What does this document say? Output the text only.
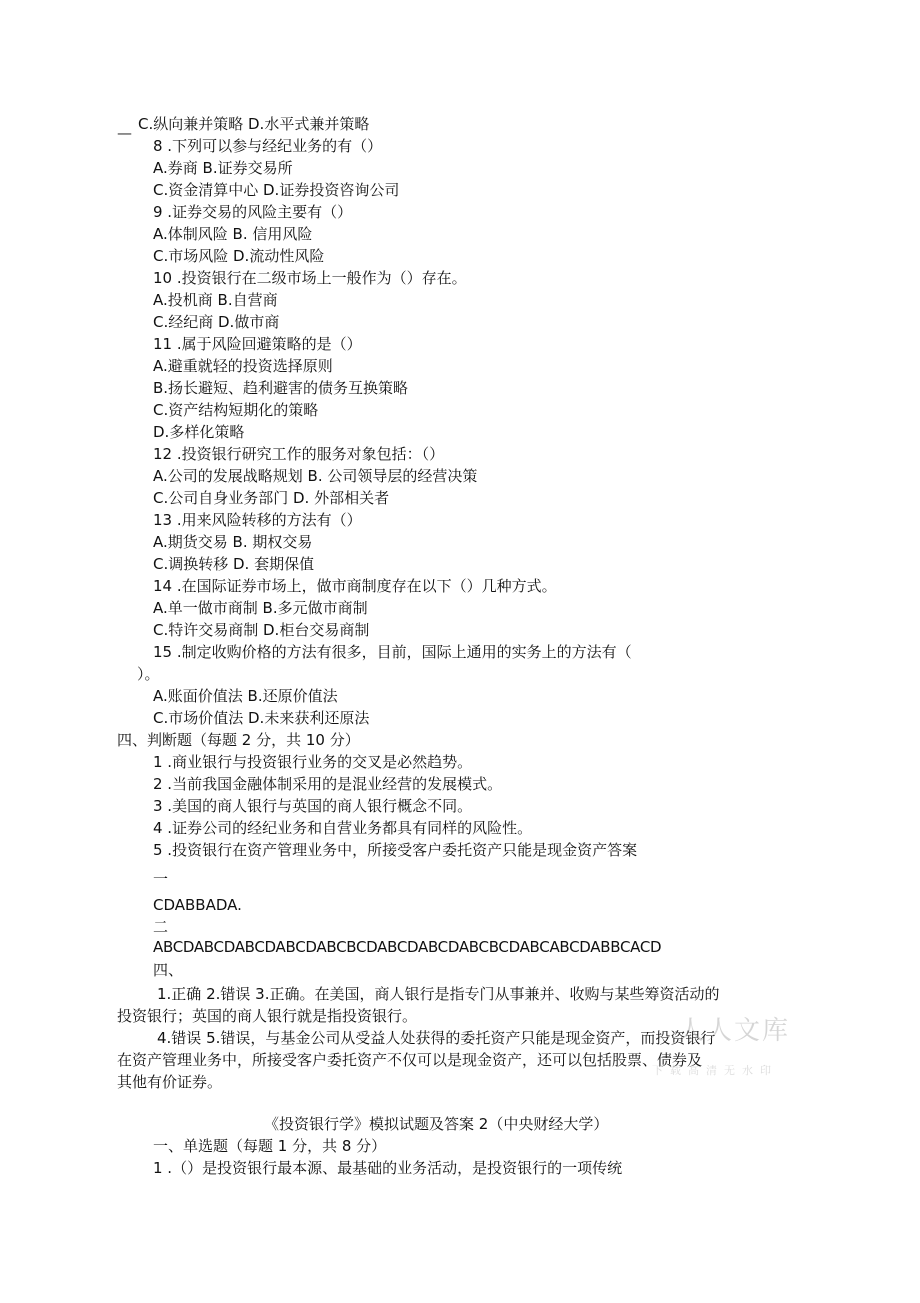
— C.纵向兼并策略 D.水平式兼并策略

8 .下列可以参与经纪业务的有（）

A.券商 B.证券交易所

C.资金清算中心 D.证券投资咨询公司

9 .证券交易的风险主要有（）

A.体制风险 B. 信用风险

C.市场风险 D.流动性风险

10 .投资银行在二级市场上一般作为（）存在。

A.投机商 B.自营商

C.经纪商 D.做市商

11 .属于风险回避策略的是（）

A.避重就轻的投资选择原则

B.扬长避短、趋利避害的债务互换策略

C.资产结构短期化的策略

D.多样化策略

12 .投资银行研究工作的服务对象包括：（）

A.公司的发展战略规划 B. 公司领导层的经营决策

C.公司自身业务部门 D. 外部相关者

13 .用来风险转移的方法有（）

A.期货交易 B. 期权交易

C.调换转移 D. 套期保值

14 .在国际证券市场上，做市商制度存在以下（）几种方式。

A.单一做市商制 B.多元做市商制

C.特许交易商制 D.柜台交易商制

15 .制定收购价格的方法有很多，目前，国际上通用的实务上的方法有（

）。

A.账面价值法 B.还原价值法

C.市场价值法 D.未来获利还原法

四、判断题（每题 2 分，共 10 分）

1 .商业银行与投资银行业务的交叉是必然趋势。

2 .当前我国金融体制采用的是混业经营的发展模式。

3 .美国的商人银行与英国的商人银行概念不同。

4 .证券公司的经纪业务和自营业务都具有同样的风险性。

5 .投资银行在资产管理业务中，所接受客户委托资产只能是现金资产答案

一

CDABBADA.

二

ABCDABCDABCDABCDABCBCDABCDABCDABCBCDABCABCDABBCACD

四、

1.正确 2.错误 3.正确。在美国，商人银行是指专门从事兼并、收购与某些筹资活动的

投资银行；英国的商人银行就是指投资银行。

4.错误 5.错误，与基金公司从受益人处获得的委托资产只能是现金资产，而投资银行

在资产管理业务中，所接受客户委托资产不仅可以是现金资产，还可以包括股票、债券及

其他有价证券。

《投资银行学》模拟试题及答案 2（中央财经大学）

一、单选题（每题 1 分，共 8 分）

1 .（）是投资银行最本源、最基础的业务活动，是投资银行的一项传统

人人文库
下载高清无水印
